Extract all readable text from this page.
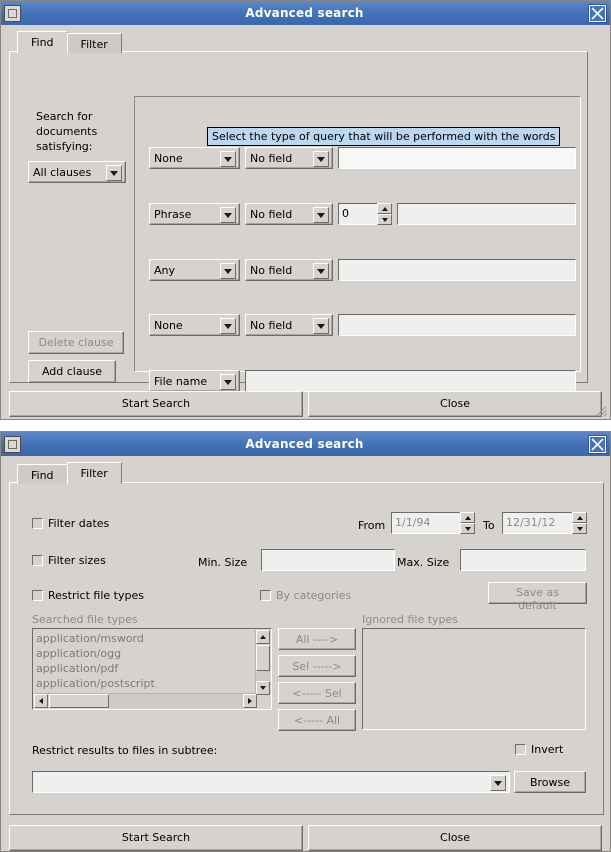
Advanced search
Find	Filter
Search for
documents
satisfying:
All clauses
Delete clause
Add clause
None	No field
Phrase	No field	0
Any	No field
None	No field
File name
Select the type of query that will be performed with the words
Start Search	Close
Advanced search
Find	Filter
Filter dates	From 1/1/94	To	12/31/12
Filter sizes	Min. Size	Max. Size
Restrict file types	By categories	Save as default
Searched file types
application/msword
application/ogg
application/pdf
application/postscript
All ---->
Sel ----->
<----- Sel
<----- All
Ignored file types
Restrict results to files in subtree:	Invert
Browse
Start Search	Close
